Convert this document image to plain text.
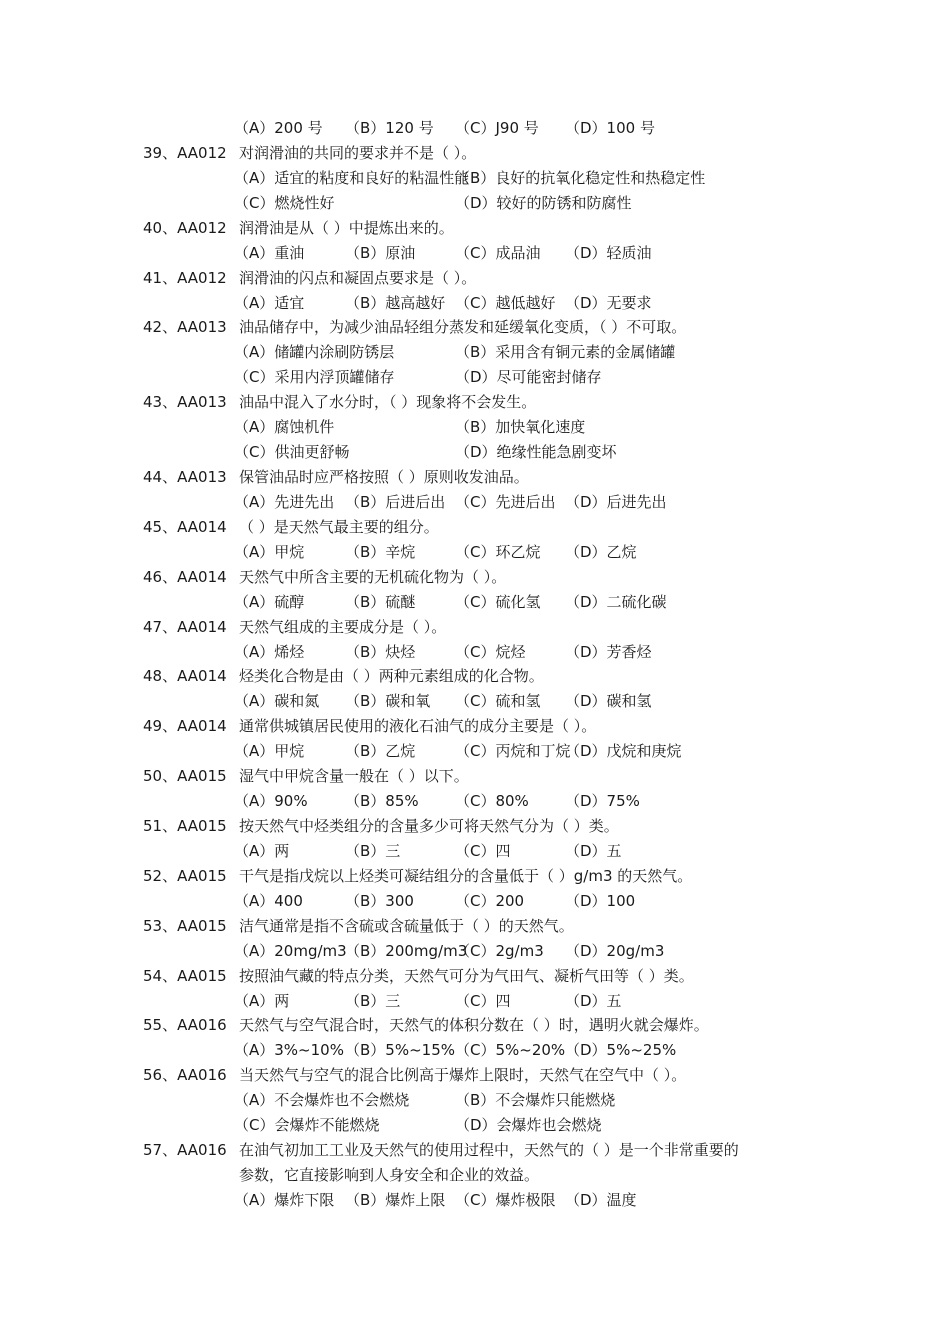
（A）200 号 （B）120 号 （C）J90 号 （D）100 号
39、AA012 对润滑油的共同的要求并不是（ ）。
（A）适宜的粘度和良好的粘温性能
（B）良好的抗氧化稳定性和热稳定性
（C）燃烧性好	（D）较好的防锈和防腐性
40、AA012 润滑油是从（ ）中提炼出来的。
（A）重油	（B）原油	（C）成品油 （D）轻质油
41、AA012 润滑油的闪点和凝固点要求是（ ）。
（A）适宜	（B）越高越好 （C）越低越好 （D）无要求
42、AA013 油品储存中，为减少油品轻组分蒸发和延缓氧化变质，（ ）不可取。
（A）储罐内涂刷防锈层	（B）采用含有铜元素的金属储罐
（C）采用内浮顶罐储存	（D）尽可能密封储存
43、AA013 油品中混入了水分时，（ ）现象将不会发生。
（A）腐蚀机件	（B）加快氧化速度
（C）供油更舒畅	（D）绝缘性能急剧变坏
44、AA013 保管油品时应严格按照（ ）原则收发油品。
（A）先进先出 （B）后进后出 （C）先进后出 （D）后进先出
45、AA014 （ ）是天然气最主要的组分。
（A）甲烷	（B）辛烷	（C）环乙烷 （D）乙烷
46、AA014 天然气中所含主要的无机硫化物为（ ）。
（A）硫醇	（B）硫醚	（C）硫化氢 （D）二硫化碳
47、AA014 天然气组成的主要成分是（ ）。
（A）烯烃	（B）炔烃	（C）烷烃	（D）芳香烃
48、AA014 烃类化合物是由（ ）两种元素组成的化合物。
（A）碳和氮 （B）碳和氧 （C）硫和氢 （D）碳和氢
49、AA014 通常供城镇居民使用的液化石油气的成分主要是（ ）。
（A）甲烷	（B）乙烷	（C）丙烷和丁烷
（D）戊烷和庚烷
50、AA015 湿气中甲烷含量一般在（ ）以下。
（A）90% （B）85% （C）80% （D）75%
51、AA015 按天然气中烃类组分的含量多少可将天然气分为（ ）类。
（A）两	（B）三	（C）四	（D）五
52、AA015 干气是指戊烷以上烃类可凝结组分的含量低于（ ）g/m3 的天然气。
（A）400	（B）300	（C）200	（D）100
53、AA015 洁气通常是指不含硫或含硫量低于（ ）的天然气。
（A）20mg/m3
（B）200mg/m3
（C）2g/m3 （D）20g/m3
54、AA015 按照油气藏的特点分类，天然气可分为气田气、凝析气田等（ ）类。
（A）两	（B）三	（C）四	（D）五
55、AA016 天然气与空气混合时，天然气的体积分数在（ ）时，遇明火就会爆炸。
（A）3%~10% （B）5%~15% （C）5%~20% （D）5%~25%
56、AA016 当天然气与空气的混合比例高于爆炸上限时，天然气在空气中（ ）。
（A）不会爆炸也不会燃烧	（B）不会爆炸只能燃烧
（C）会爆炸不能燃烧	（D）会爆炸也会燃烧
57、AA016 在油气初加工工业及天然气的使用过程中，天然气的（ ）是一个非常重要的
参数，它直接影响到人身安全和企业的效益。
（A）爆炸下限 （B）爆炸上限 （C）爆炸极限 （D）温度
